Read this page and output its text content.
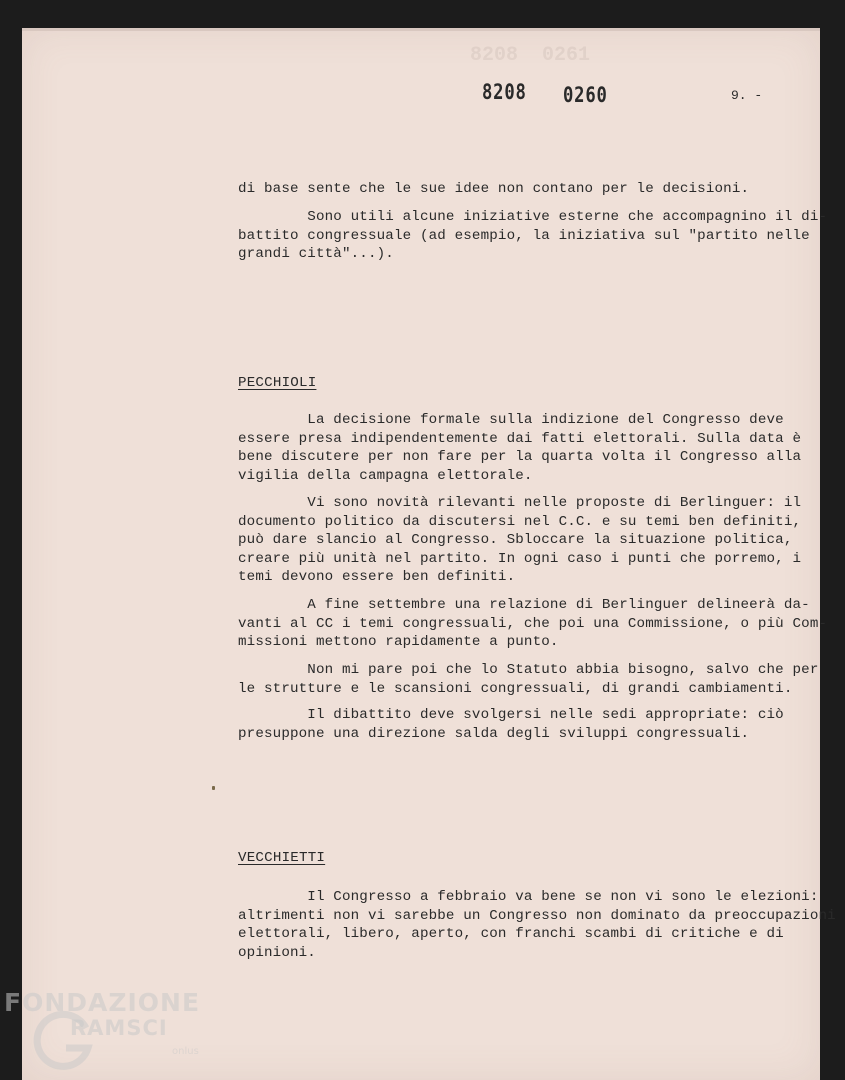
8208  0261
8208 0260	9. -
di base sente che le sue idee non contano per le decisioni.
Sono utili alcune iniziative esterne che accompagnino il di-
battito congressuale (ad esempio, la iniziativa sul "partito nelle
grandi città"...).
PECCHIOLI
La decisione formale sulla indizione del Congresso deve
essere presa indipendentemente dai fatti elettorali. Sulla data è
bene discutere per non fare per la quarta volta il Congresso alla
vigilia della campagna elettorale.
Vi sono novità rilevanti nelle proposte di Berlinguer: il
documento politico da discutersi nel C.C. e su temi ben definiti,
può dare slancio al Congresso. Sbloccare la situazione politica,
creare più unità nel partito. In ogni caso i punti che porremo, i
temi devono essere ben definiti.
A fine settembre una relazione di Berlinguer delineerà da-
vanti al CC i temi congressuali, che poi una Commissione, o più Com-
missioni mettono rapidamente a punto.
Non mi pare poi che lo Statuto abbia bisogno, salvo che per
le strutture e le scansioni congressuali, di grandi cambiamenti.
Il dibattito deve svolgersi nelle sedi appropriate: ciò
presuppone una direzione salda degli sviluppi congressuali.
VECCHIETTI
Il Congresso a febbraio va bene se non vi sono le elezioni:
altrimenti non vi sarebbe un Congresso non dominato da preoccupazioni
elettorali, libero, aperto, con franchi scambi di critiche e di
opinioni.
FONDAZIONE
RAMSCI
onlus
